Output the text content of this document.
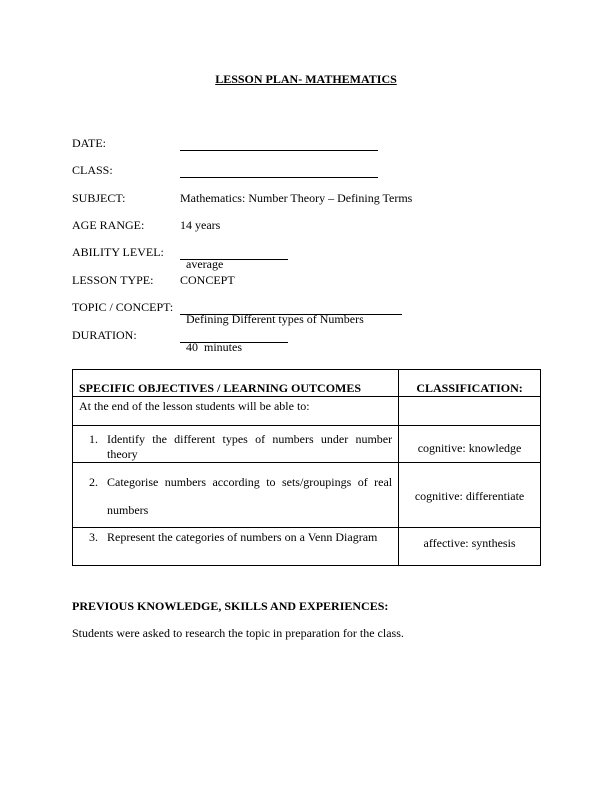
LESSON PLAN- MATHEMATICS
DATE:
CLASS:
SUBJECT:	Mathematics: Number Theory – Defining Terms
AGE RANGE:	14 years
ABILITY LEVEL:
average
LESSON TYPE: CONCEPT
TOPIC / CONCEPT:
Defining Different types of Numbers
DURATION:
40  minutes
SPECIFIC OBJECTIVES / LEARNING OUTCOMES	CLASSIFICATION:

At the end of the lesson students will be able to:	

1. Identify the different types of numbers under number theory	cognitive: knowledge

2. Categorise numbers according to sets/groupings of real numbers	cognitive: differentiate

3. Represent the categories of numbers on a Venn Diagram	affective: synthesis
PREVIOUS KNOWLEDGE, SKILLS AND EXPERIENCES:
Students were asked to research the topic in preparation for the class.
